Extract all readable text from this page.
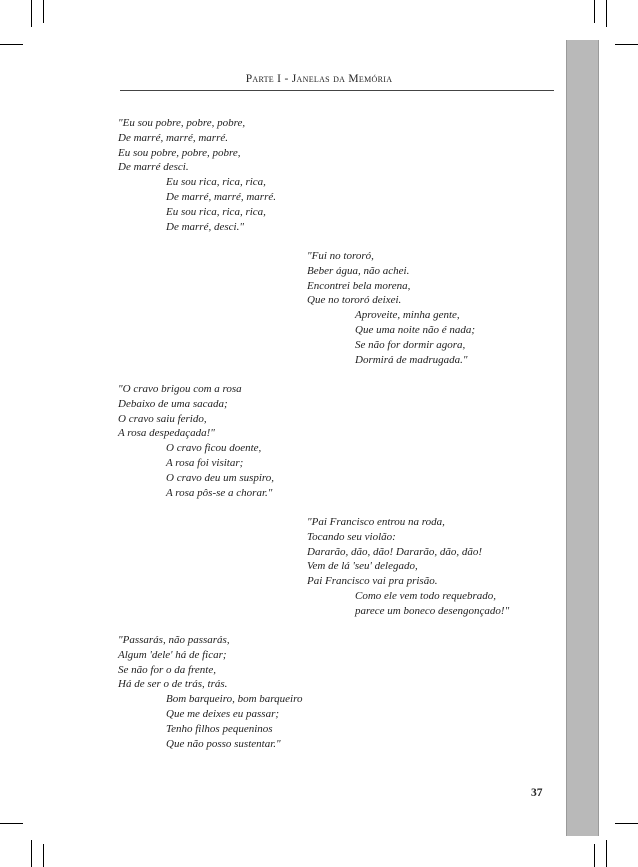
Parte I - Janelas da Memória
"Eu sou pobre, pobre, pobre,
De marré, marré, marré.
Eu sou pobre, pobre, pobre,
De marré desci.
Eu sou rica, rica, rica,
De marré, marré, marré.
Eu sou rica, rica, rica,
De marré, desci."
"Fui no tororó,
Beber água, não achei.
Encontrei bela morena,
Que no tororó deixei.
Aproveite, minha gente,
Que uma noite não é nada;
Se não for dormir agora,
Dormirá de madrugada."
"O cravo brigou com a rosa
Debaixo de uma sacada;
O cravo saiu ferido,
A rosa despedaçada!"
O cravo ficou doente,
A rosa foi visitar;
O cravo deu um suspiro,
A rosa pôs-se a chorar."
"Pai Francisco entrou na roda,
Tocando seu violão:
Dararão, dão, dão! Dararão, dão, dão!
Vem de lá 'seu' delegado,
Pai Francisco vai pra prisão.
Como ele vem todo requebrado,
parece um boneco desengonçado!"
"Passarás, não passarás,
Algum 'dele' há de ficar;
Se não for o da frente,
Há de ser o de trás, trás.
Bom barqueiro, bom barqueiro
Que me deixes eu passar;
Tenho filhos pequeninos
Que não posso sustentar."
37
